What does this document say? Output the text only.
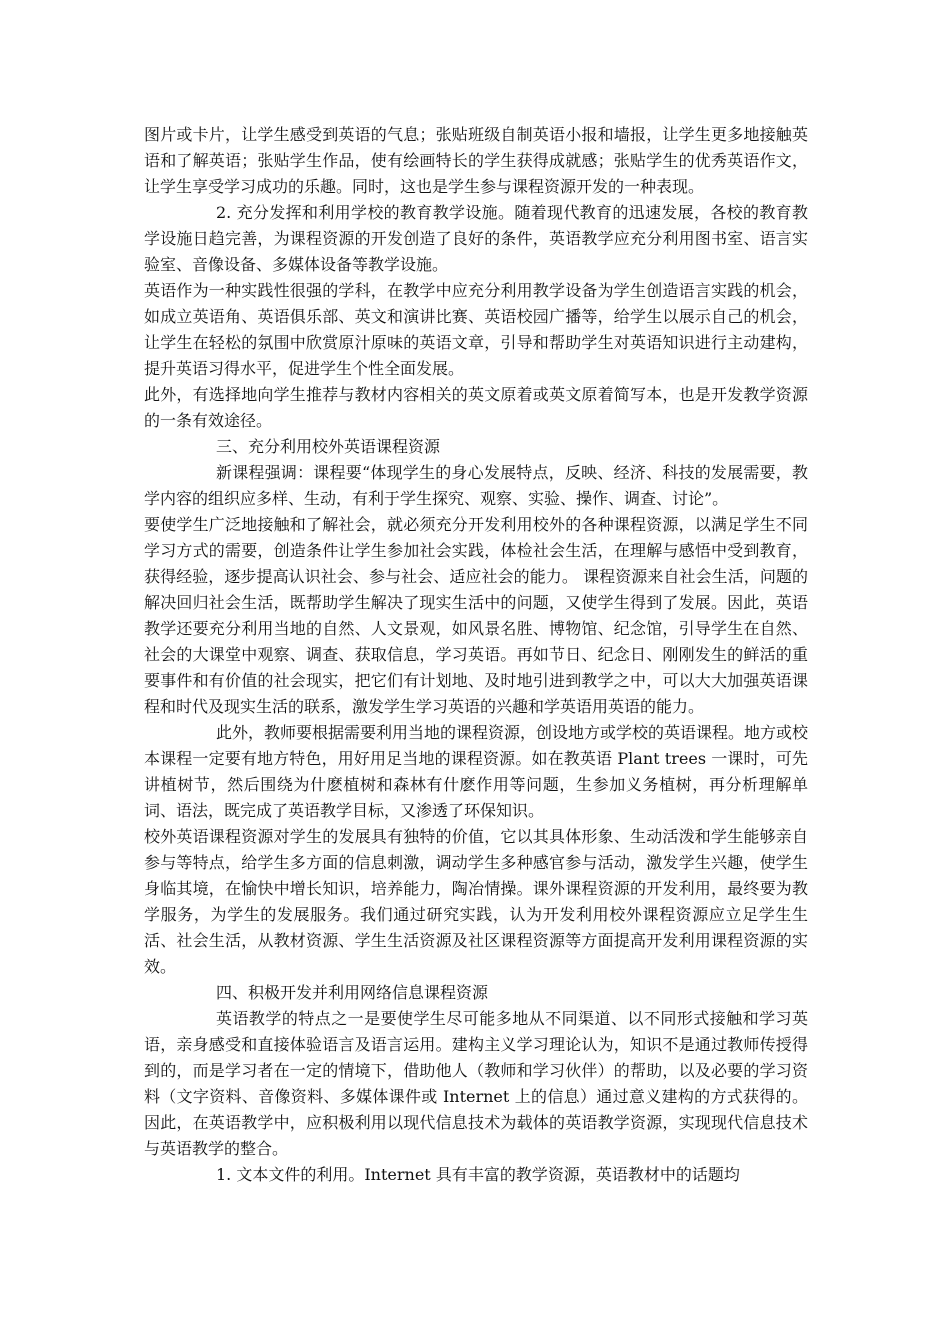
图片或卡片，让学生感受到英语的气息；张贴班级自制英语小报和墙报，让学生更多地接触英语和了解英语；张贴学生作品，使有绘画特长的学生获得成就感；张贴学生的优秀英语作文，让学生享受学习成功的乐趣。同时，这也是学生参与课程资源开发的一种表现。

2. 充分发挥和利用学校的教育教学设施。随着现代教育的迅速发展，各校的教育教学设施日趋完善，为课程资源的开发创造了良好的条件，英语教学应充分利用图书室、语言实验室、音像设备、多媒体设备等教学设施。

英语作为一种实践性很强的学科，在教学中应充分利用教学设备为学生创造语言实践的机会，如成立英语角、英语俱乐部、英文和演讲比赛、英语校园广播等，给学生以展示自己的机会，让学生在轻松的氛围中欣赏原汁原味的英语文章，引导和帮助学生对英语知识进行主动建构，提升英语习得水平，促进学生个性全面发展。

此外，有选择地向学生推荐与教材内容相关的英文原着或英文原着简写本，也是开发教学资源的一条有效途径。

三、充分利用校外英语课程资源

新课程强调：课程要“体现学生的身心发展特点，反映、经济、科技的发展需要，教学内容的组织应多样、生动，有利于学生探究、观察、实验、操作、调查、讨论”。

要使学生广泛地接触和了解社会，就必须充分开发利用校外的各种课程资源，以满足学生不同学习方式的需要，创造条件让学生参加社会实践，体检社会生活，在理解与感悟中受到教育，获得经验，逐步提高认识社会、参与社会、适应社会的能力。 课程资源来自社会生活，问题的解决回归社会生活，既帮助学生解决了现实生活中的问题，又使学生得到了发展。因此，英语教学还要充分利用当地的自然、人文景观，如风景名胜、博物馆、纪念馆，引导学生在自然、社会的大课堂中观察、调查、获取信息，学习英语。再如节日、纪念日、刚刚发生的鲜活的重要事件和有价值的社会现实，把它们有计划地、及时地引进到教学之中，可以大大加强英语课程和时代及现实生活的联系，激发学生学习英语的兴趣和学英语用英语的能力。

此外，教师要根据需要利用当地的课程资源，创设地方或学校的英语课程。地方或校本课程一定要有地方特色，用好用足当地的课程资源。如在教英语 Plant trees 一课时，可先讲植树节，然后围绕为什麽植树和森林有什麽作用等问题，生参加义务植树，再分析理解单词、语法，既完成了英语教学目标，又渗透了环保知识。

校外英语课程资源对学生的发展具有独特的价值，它以其具体形象、生动活泼和学生能够亲自参与等特点，给学生多方面的信息刺激，调动学生多种感官参与活动，激发学生兴趣，使学生身临其境，在愉快中增长知识，培养能力，陶冶情操。课外课程资源的开发利用，最终要为教学服务，为学生的发展服务。我们通过研究实践，认为开发利用校外课程资源应立足学生生活、社会生活，从教材资源、学生生活资源及社区课程资源等方面提高开发利用课程资源的实效。

四、积极开发并利用网络信息课程资源

英语教学的特点之一是要使学生尽可能多地从不同渠道、以不同形式接触和学习英语，亲身感受和直接体验语言及语言运用。建构主义学习理论认为，知识不是通过教师传授得到的，而是学习者在一定的情境下，借助他人（教师和学习伙伴）的帮助，以及必要的学习资料（文字资料、音像资料、多媒体课件或 Internet 上的信息）通过意义建构的方式获得的。因此，在英语教学中，应积极利用以现代信息技术为载体的英语教学资源，实现现代信息技术与英语教学的整合。

1. 文本文件的利用。Internet 具有丰富的教学资源，英语教材中的话题均
